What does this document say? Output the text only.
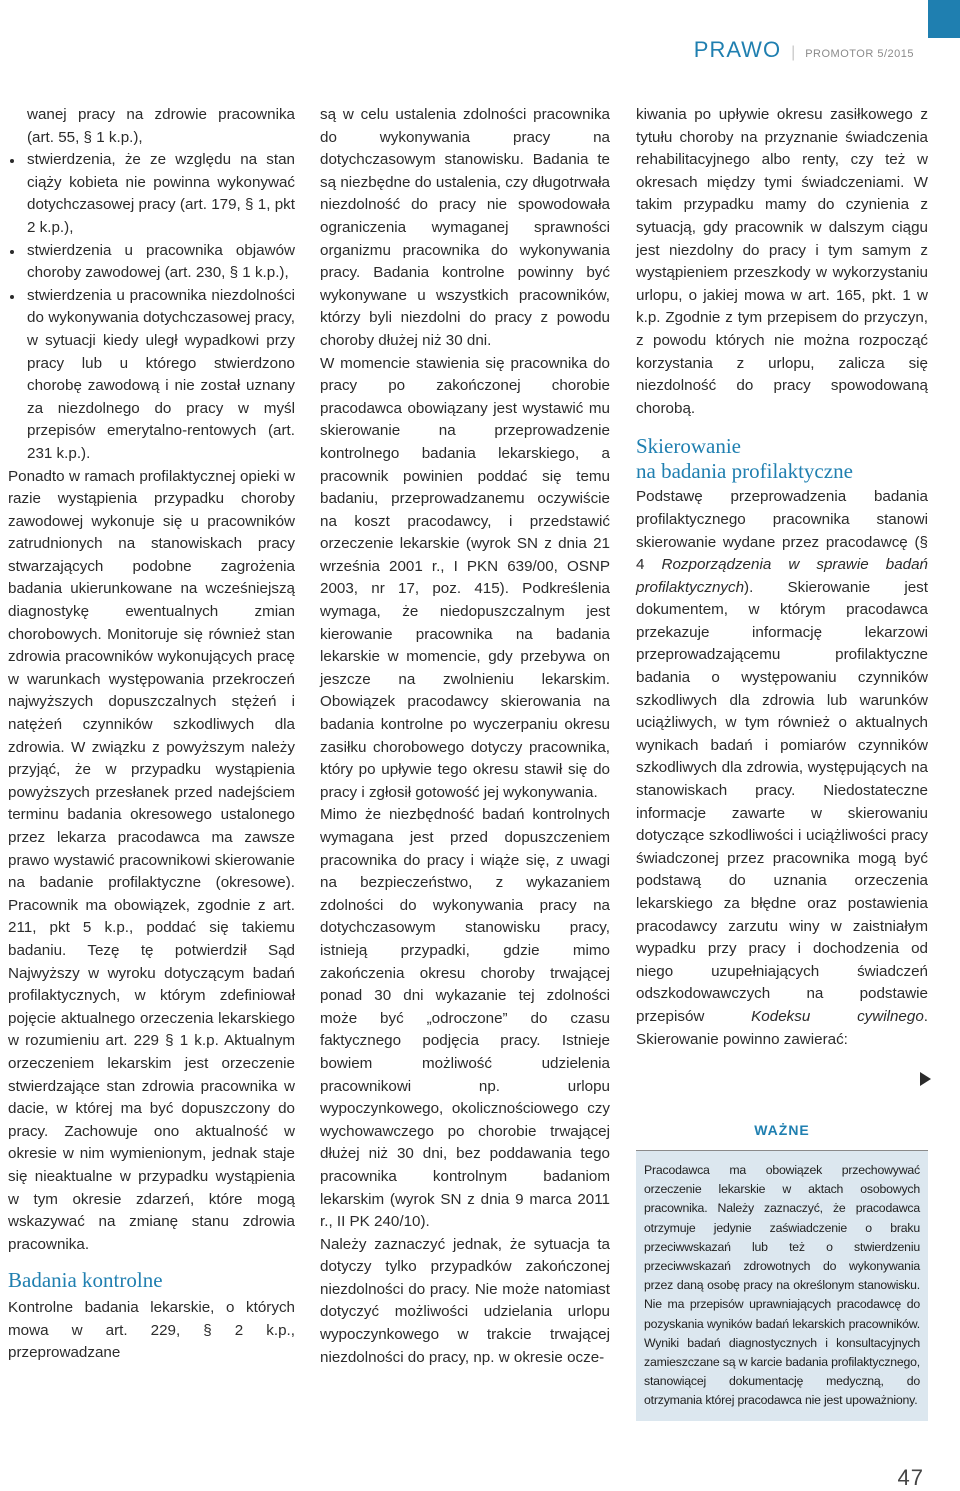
PRAWO | PROMOTOR 5/2015

wanej pracy na zdrowie pracownika (art. 55, § 1 k.p.),

stwierdzenia, że ze względu na stan ciąży kobieta nie powinna wykonywać dotychczasowej pracy (art. 179, § 1, pkt 2 k.p.),
stwierdzenia u pracownika objawów choroby zawodowej (art. 230, § 1 k.p.),
stwierdzenia u pracownika niezdolności do wykonywania dotychczasowej pracy, w sytuacji kiedy uległ wypadkowi przy pracy lub u którego stwierdzono chorobę zawodową i nie został uznany za niezdolnego do pracy w myśl przepisów emerytalno-rentowych (art. 231 k.p.).

Ponadto w ramach profilaktycznej opieki w razie wystąpienia przypadku choroby zawodowej wykonuje się u pracowników zatrudnionych na stanowiskach pracy stwarzających podobne zagrożenia badania ukierunkowane na wcześniejszą diagnostykę ewentualnych zmian chorobowych. Monitoruje się również stan zdrowia pracowników wykonujących pracę w warunkach występowania przekroczeń najwyższych dopuszczalnych stężeń i natężeń czynników szkodliwych dla zdrowia. W związku z powyższym należy przyjąć, że w przypadku wystąpienia powyższych przesłanek przed nadejściem terminu badania okresowego ustalonego przez lekarza pracodawca ma zawsze prawo wystawić pracownikowi skierowanie na badanie profilaktyczne (okresowe). Pracownik ma obowiązek, zgodnie z art. 211, pkt 5 k.p., poddać się takiemu badaniu. Tezę tę potwierdził Sąd Najwyższy w wyroku dotyczącym badań profilaktycznych, w którym zdefiniował pojęcie aktualnego orzeczenia lekarskiego w rozumieniu art. 229 § 1 k.p. Aktualnym orzeczeniem lekarskim jest orzeczenie stwierdzające stan zdrowia pracownika w dacie, w której ma być dopuszczony do pracy. Zachowuje ono aktualność w okresie w nim wymienionym, jednak staje się nieaktualne w przypadku wystąpienia w tym okresie zdarzeń, które mogą wskazywać na zmianę stanu zdrowia pracownika.

Badania kontrolne

Kontrolne badania lekarskie, o których mowa w art. 229, § 2 k.p., przeprowadzane

są w celu ustalenia zdolności pracownika do wykonywania pracy na dotychczasowym stanowisku. Badania te są niezbędne do ustalenia, czy długotrwała niezdolność do pracy nie spowodowała ograniczenia wymaganej sprawności organizmu pracownika do wykonywania pracy. Badania kontrolne powinny być wykonywane u wszystkich pracowników, którzy byli niezdolni do pracy z powodu choroby dłużej niż 30 dni.

W momencie stawienia się pracownika do pracy po zakończonej chorobie pracodawca obowiązany jest wystawić mu skierowanie na przeprowadzenie kontrolnego badania lekarskiego, a pracownik powinien poddać się temu badaniu, przeprowadzanemu oczywiście na koszt pracodawcy, i przedstawić orzeczenie lekarskie (wyrok SN z dnia 21 września 2001 r., I PKN 639/00, OSNP 2003, nr 17, poz. 415). Podkreślenia wymaga, że niedopuszczalnym jest kierowanie pracownika na badania lekarskie w momencie, gdy przebywa on jeszcze na zwolnieniu lekarskim. Obowiązek pracodawcy skierowania na badania kontrolne po wyczerpaniu okresu zasiłku chorobowego dotyczy pracownika, który po upływie tego okresu stawił się do pracy i zgłosił gotowość jej wykonywania.

Mimo że niezbędność badań kontrolnych wymagana jest przed dopuszczeniem pracownika do pracy i wiąże się, z uwagi na bezpieczeństwo, z wykazaniem zdolności do wykonywania pracy na dotychczasowym stanowisku pracy, istnieją przypadki, gdzie mimo zakończenia okresu choroby trwającej ponad 30 dni wykazanie tej zdolności może być „odroczone” do czasu faktycznego podjęcia pracy. Istnieje bowiem możliwość udzielenia pracownikowi np. urlopu wypoczynkowego, okolicznościowego czy wychowawczego po chorobie trwającej dłużej niż 30 dni, bez poddawania tego pracownika kontrolnym badaniom lekarskim (wyrok SN z dnia 9 marca 2011 r., II PK 240/10).

Należy zaznaczyć jednak, że sytuacja ta dotyczy tylko przypadków zakończonej niezdolności do pracy. Nie może natomiast dotyczyć możliwości udzielania urlopu wypoczynkowego w trakcie trwającej niezdolności do pracy, np. w okresie ocze-

kiwania po upływie okresu zasiłkowego z tytułu choroby na przyznanie świadczenia rehabilitacyjnego albo renty, czy też w okresach między tymi świadczeniami. W takim przypadku mamy do czynienia z sytuacją, gdy pracownik w dalszym ciągu jest niezdolny do pracy i tym samym z wystąpieniem przeszkody w wykorzystaniu urlopu, o jakiej mowa w art. 165, pkt. 1 w k.p. Zgodnie z tym przepisem do przyczyn, z powodu których nie można rozpocząć korzystania z urlopu, zalicza się niezdolność do pracy spowodowaną chorobą.

Skierowanie
na badania profilaktyczne

Podstawę przeprowadzenia badania profilaktycznego pracownika stanowi skierowanie wydane przez pracodawcę (§ 4 Rozporządzenia w sprawie badań profilaktycznych). Skierowanie jest dokumentem, w którym pracodawca przekazuje informację lekarzowi przeprowadzającemu profilaktyczne badania o występowaniu czynników szkodliwych dla zdrowia lub warunków uciążliwych, w tym również o aktualnych wynikach badań i pomiarów czynników szkodliwych dla zdrowia, występujących na stanowiskach pracy. Niedostateczne informacje zawarte w skierowaniu dotyczące szkodliwości i uciążliwości pracy świadczonej przez pracownika mogą być podstawą do uznania orzeczenia lekarskiego za błędne oraz postawienia pracodawcy zarzutu winy w zaistniałym wypadku przy pracy i dochodzenia od niego uzupełniających świadczeń odszkodowawczych na podstawie przepisów Kodeksu cywilnego. Skierowanie powinno zawierać:

WAŻNE
Pracodawca ma obowiązek przechowywać orzeczenie lekarskie w aktach osobowych pracownika. Należy zaznaczyć, że pracodawca otrzymuje jedynie zaświadczenie o braku przeciwwskazań lub też o stwierdzeniu przeciwwskazań zdrowotnych do wykonywania przez daną osobę pracy na określonym stanowisku. Nie ma przepisów uprawniających pracodawcę do pozyskania wyników badań lekarskich pracowników. Wyniki badań diagnostycznych i konsultacyjnych zamieszczane są w karcie badania profilaktycznego, stanowiącej dokumentację medyczną, do otrzymania której pracodawca nie jest upoważniony.
47
